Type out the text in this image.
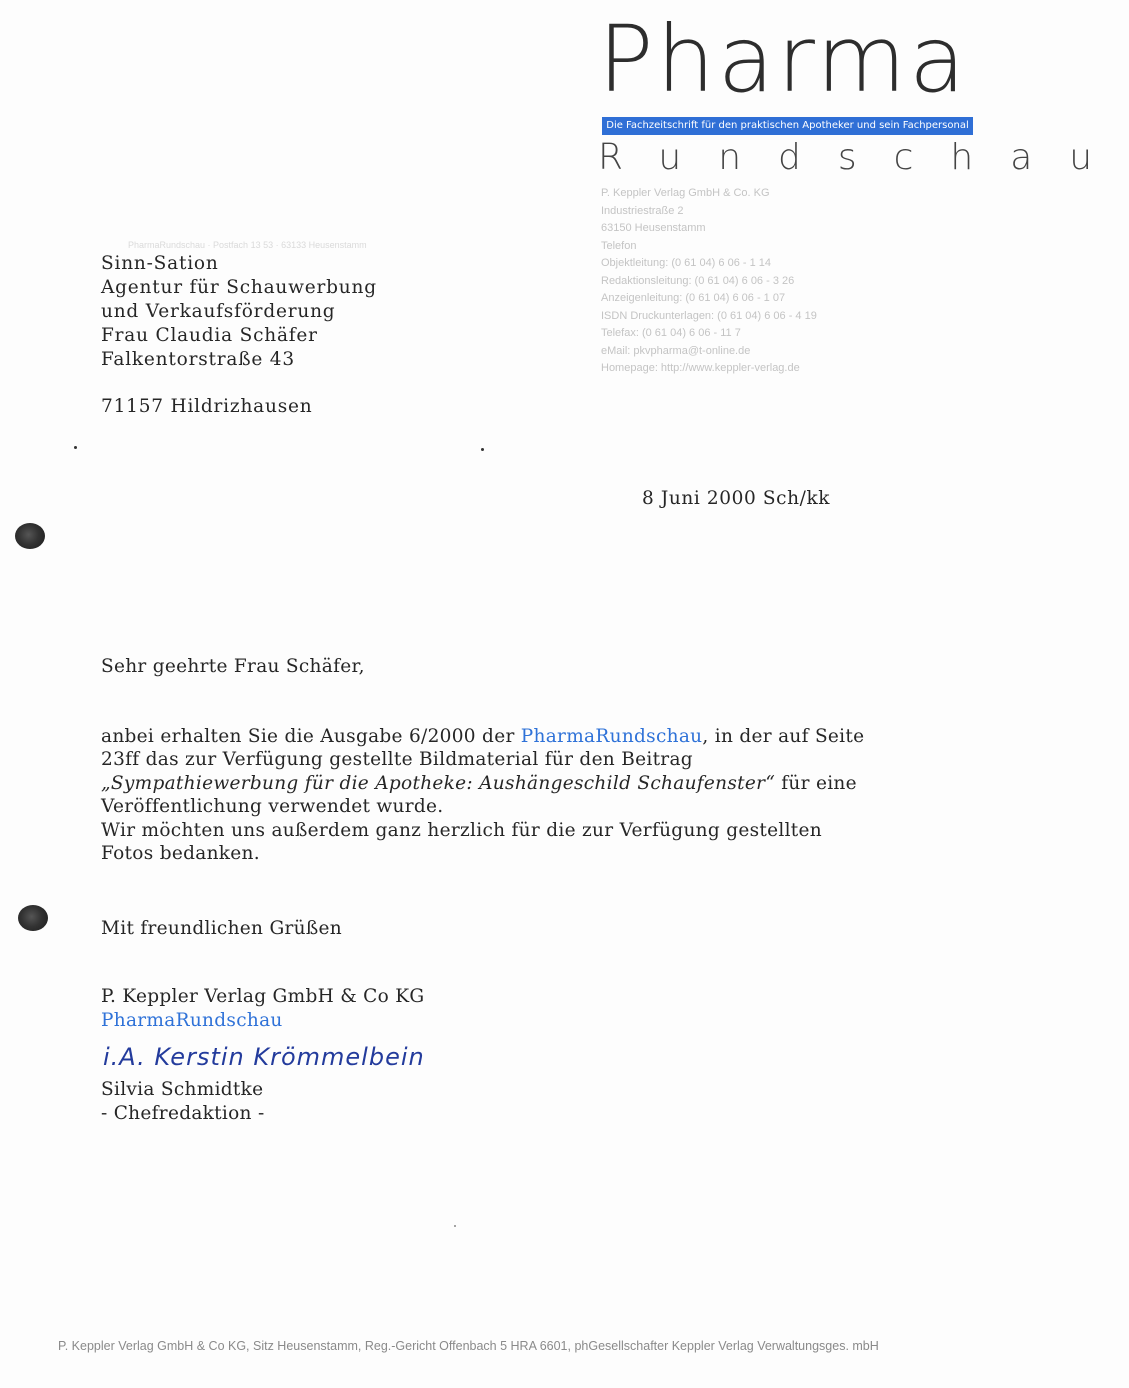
Pharma
Die Fachzeitschrift für den praktischen Apotheker und sein Fachpersonal
Rundschau
P. Keppler Verlag GmbH & Co. KG
Industriestraße 2
63150 Heusenstamm
Telefon
Objektleitung: (0 61 04) 6 06 - 1 14
Redaktionsleitung: (0 61 04) 6 06 - 3 26
Anzeigenleitung: (0 61 04) 6 06 - 1 07
ISDN Druckunterlagen: (0 61 04) 6 06 - 4 19
Telefax: (0 61 04) 6 06 - 11 7
eMail: pkvpharma@t-online.de
Homepage: http://www.keppler-verlag.de
PharmaRundschau · Postfach 13 53 · 63133 Heusenstamm
Sinn-Sation
Agentur für Schauwerbung
und Verkaufsförderung
Frau Claudia Schäfer
Falkentorstraße 43
71157 Hildrizhausen
8 Juni 2000 Sch/kk
Sehr geehrte Frau Schäfer,
anbei erhalten Sie die Ausgabe 6/2000 der PharmaRundschau, in der auf Seite
23ff das zur Verfügung gestellte Bildmaterial für den Beitrag
„Sympathiewerbung für die Apotheke: Aushängeschild Schaufenster“ für eine
Veröffentlichung verwendet wurde.
Wir möchten uns außerdem ganz herzlich für die zur Verfügung gestellten
Fotos bedanken.
Mit freundlichen Grüßen
P. Keppler Verlag GmbH & Co KG
PharmaRundschau
i.A. Kerstin Krömmelbein
Silvia Schmidtke
- Chefredaktion -
P. Keppler Verlag GmbH & Co KG, Sitz Heusenstamm, Reg.-Gericht Offenbach 5 HRA 6601, phGesellschafter Keppler Verlag Verwaltungsges. mbH
